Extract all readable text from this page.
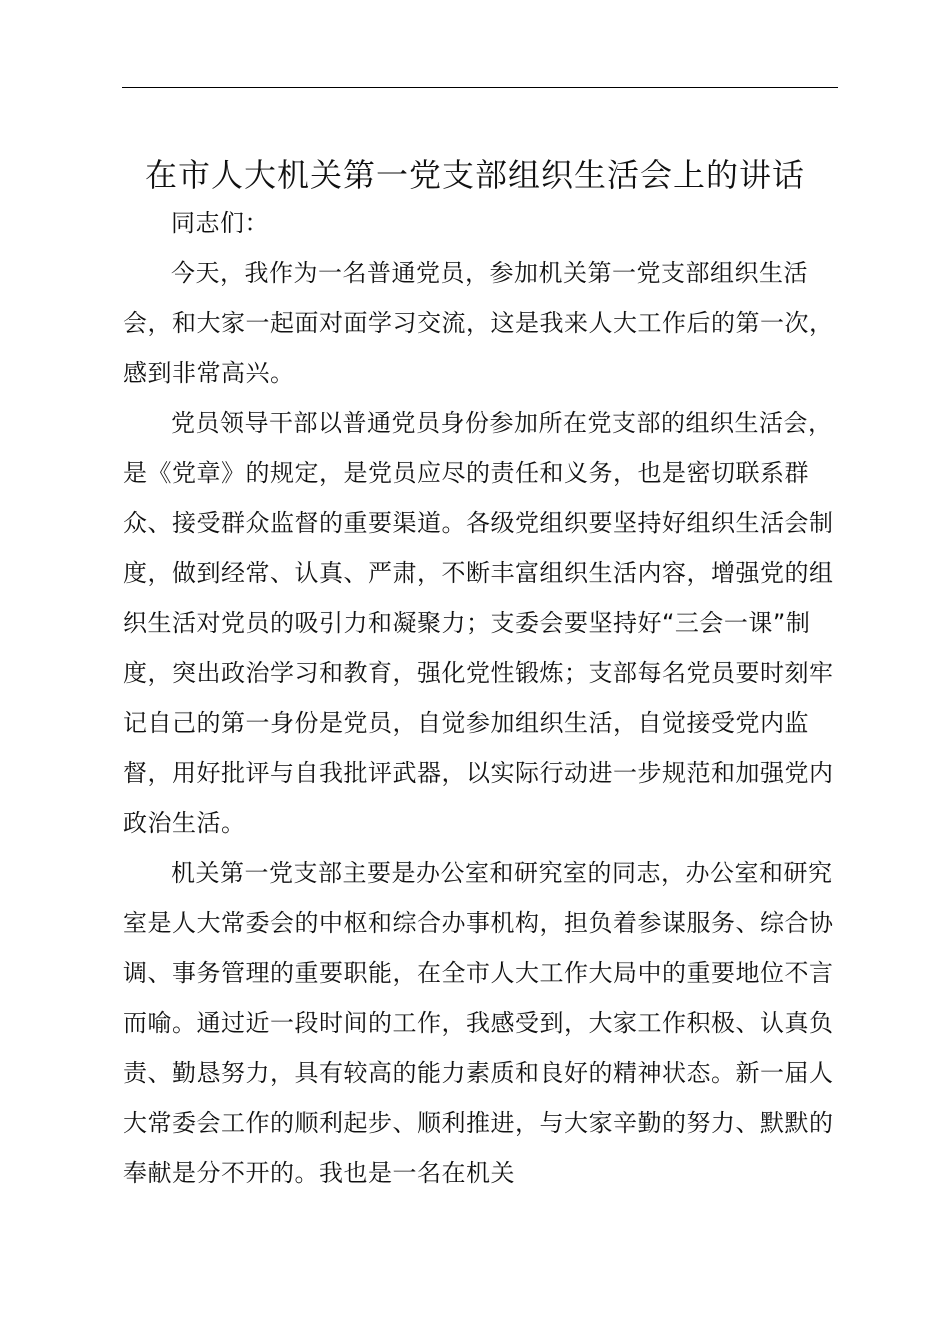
在市人大机关第一党支部组织生活会上的讲话

同志们：

今天，我作为一名普通党员，参加机关第一党支部组织生活会，和大家一起面对面学习交流，这是我来人大工作后的第一次，感到非常高兴。

党员领导干部以普通党员身份参加所在党支部的组织生活会，是《党章》的规定，是党员应尽的责任和义务，也是密切联系群众、接受群众监督的重要渠道。各级党组织要坚持好组织生活会制度，做到经常、认真、严肃，不断丰富组织生活内容，增强党的组织生活对党员的吸引力和凝聚力；支委会要坚持好“三会一课”制度，突出政治学习和教育，强化党性锻炼；支部每名党员要时刻牢记自己的第一身份是党员，自觉参加组织生活，自觉接受党内监督，用好批评与自我批评武器，以实际行动进一步规范和加强党内政治生活。

机关第一党支部主要是办公室和研究室的同志，办公室和研究室是人大常委会的中枢和综合办事机构，担负着参谋服务、综合协调、事务管理的重要职能，在全市人大工作大局中的重要地位不言而喻。通过近一段时间的工作，我感受到，大家工作积极、认真负责、勤恳努力，具有较高的能力素质和良好的精神状态。新一届人大常委会工作的顺利起步、顺利推进，与大家辛勤的努力、默默的奉献是分不开的。我也是一名在机关
